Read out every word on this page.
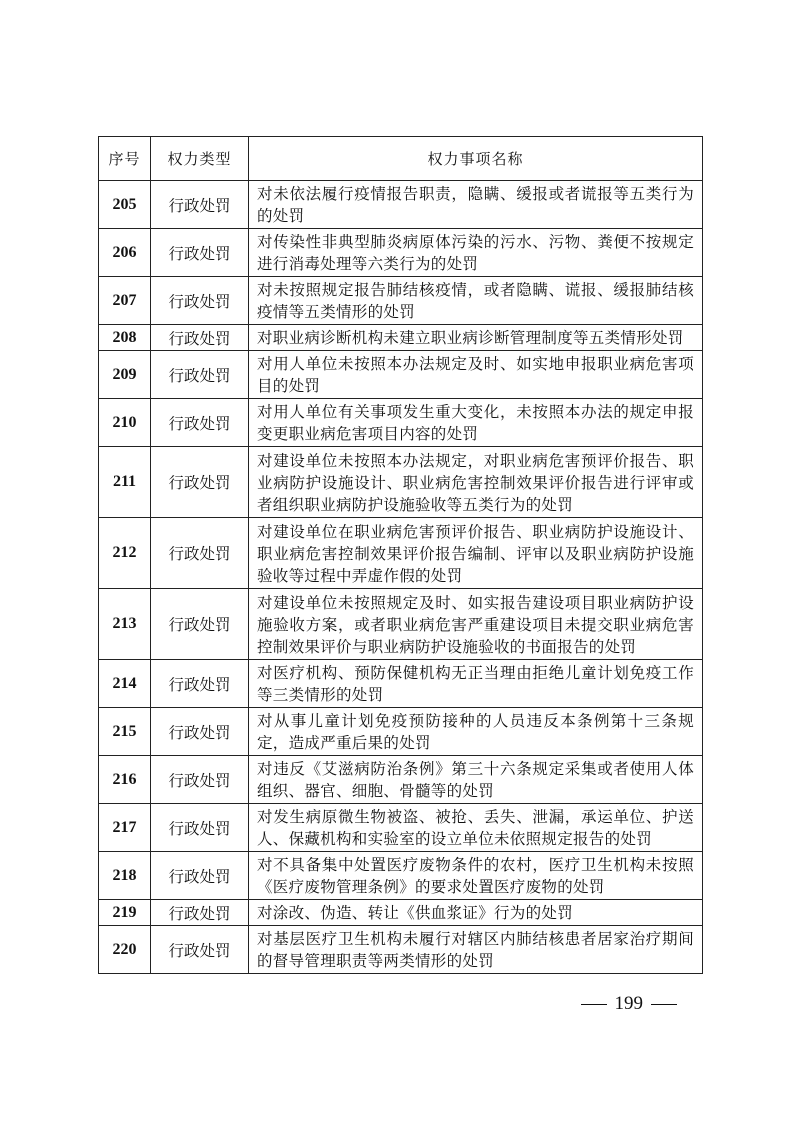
序号	权力类型	权力事项名称
205	行政处罚	对未依法履行疫情报告职责，隐瞒、缓报或者谎报等五类行为的处罚
206	行政处罚	对传染性非典型肺炎病原体污染的污水、污物、粪便不按规定进行消毒处理等六类行为的处罚
207	行政处罚	对未按照规定报告肺结核疫情，或者隐瞒、谎报、缓报肺结核疫情等五类情形的处罚
208	行政处罚	对职业病诊断机构未建立职业病诊断管理制度等五类情形处罚
209	行政处罚	对用人单位未按照本办法规定及时、如实地申报职业病危害项目的处罚
210	行政处罚	对用人单位有关事项发生重大变化，未按照本办法的规定申报变更职业病危害项目内容的处罚
211	行政处罚	对建设单位未按照本办法规定，对职业病危害预评价报告、职业病防护设施设计、职业病危害控制效果评价报告进行评审或者组织职业病防护设施验收等五类行为的处罚
212	行政处罚	对建设单位在职业病危害预评价报告、职业病防护设施设计、职业病危害控制效果评价报告编制、评审以及职业病防护设施验收等过程中弄虚作假的处罚
213	行政处罚	对建设单位未按照规定及时、如实报告建设项目职业病防护设施验收方案，或者职业病危害严重建设项目未提交职业病危害控制效果评价与职业病防护设施验收的书面报告的处罚
214	行政处罚	对医疗机构、预防保健机构无正当理由拒绝儿童计划免疫工作等三类情形的处罚
215	行政处罚	对从事儿童计划免疫预防接种的人员违反本条例第十三条规定，造成严重后果的处罚
216	行政处罚	对违反《艾滋病防治条例》第三十六条规定采集或者使用人体组织、器官、细胞、骨髓等的处罚
217	行政处罚	对发生病原微生物被盗、被抢、丢失、泄漏，承运单位、护送人、保藏机构和实验室的设立单位未依照规定报告的处罚
218	行政处罚	对不具备集中处置医疗废物条件的农村，医疗卫生机构未按照《医疗废物管理条例》的要求处置医疗废物的处罚
219	行政处罚	对涂改、伪造、转让《供血浆证》行为的处罚
220	行政处罚	对基层医疗卫生机构未履行对辖区内肺结核患者居家治疗期间的督导管理职责等两类情形的处罚
199
